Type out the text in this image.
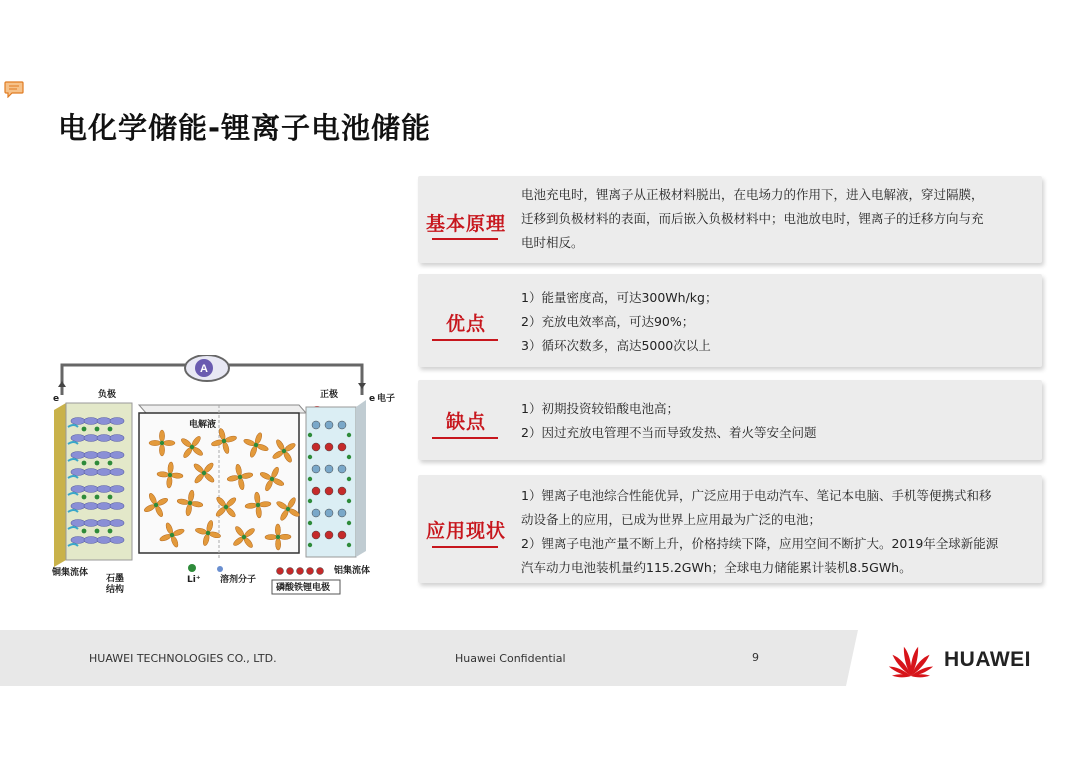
电化学储能-锂离子电池储能
A
e	e 电子
负极	正极
电解液
铜集流体
石墨
结构
Li⁺ 溶剂分子
磷酸铁锂电极
铝集流体
基本原理

电池充电时，锂离子从正极材料脱出，在电场力的作用下，进入电解液，穿过隔膜，

迁移到负极材料的表面，而后嵌入负极材料中；电池放电时，锂离子的迁移方向与充

电时相反。

优点

1）能量密度高，可达300Wh/kg；

2）充放电效率高，可达90%；

3）循环次数多，高达5000次以上

缺点

1）初期投资较铅酸电池高；

2）因过充放电管理不当而导致发热、着火等安全问题

应用现状

1）锂离子电池综合性能优异，广泛应用于电动汽车、笔记本电脑、手机等便携式和移

动设备上的应用，已成为世界上应用最为广泛的电池；

2）锂离子电池产量不断上升，价格持续下降，应用空间不断扩大。2019年全球新能源

汽车动力电池装机量约115.2GWh；全球电力储能累计装机8.5GWh。

HUAWEI TECHNOLOGIES CO., LTD.	Huawei Confidential	9	HUAWEI
